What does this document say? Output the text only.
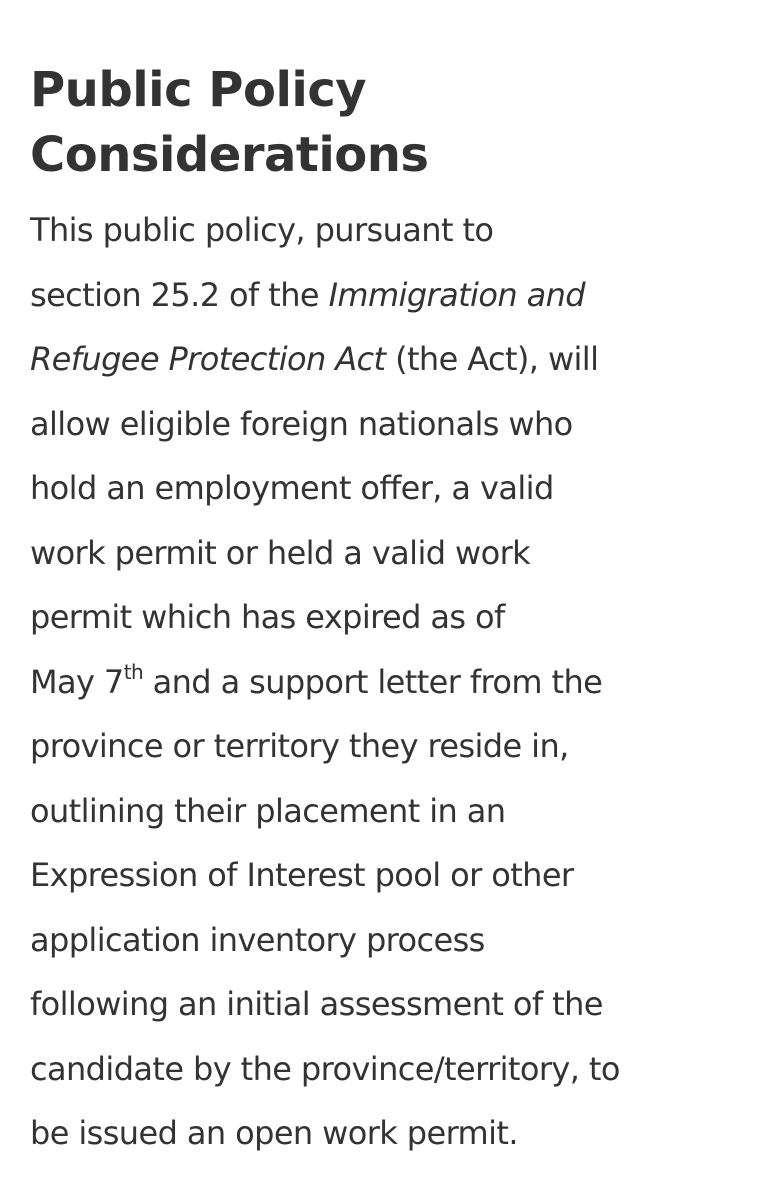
Public Policy
Considerations

This public policy, pursuant to
section 25.2 of the Immigration and
Refugee Protection Act (the Act), will
allow eligible foreign nationals who
hold an employment offer, a valid
work permit or held a valid work
permit which has expired as of
May 7th and a support letter from the
province or territory they reside in,
outlining their placement in an
Expression of Interest pool or other
application inventory process
following an initial assessment of the
candidate by the province/territory, to
be issued an open work permit.
